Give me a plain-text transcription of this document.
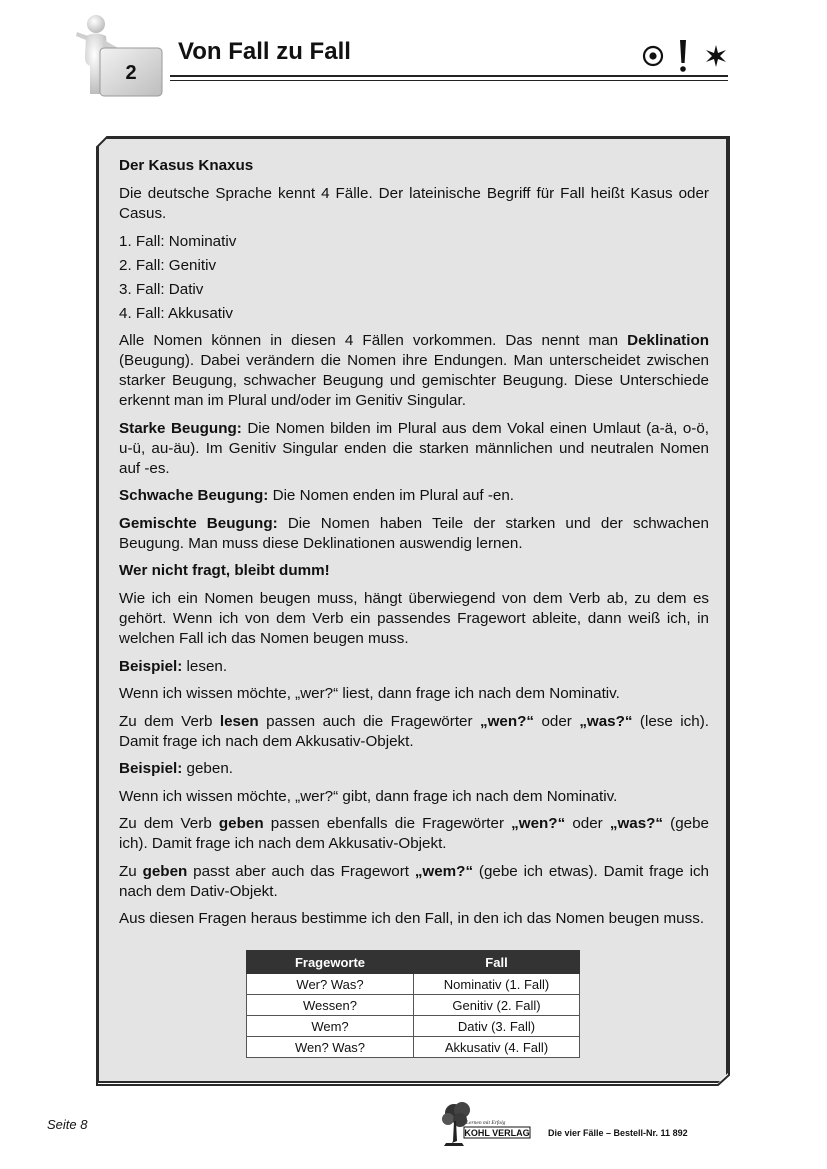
2
Von Fall zu Fall

Der Kasus Knaxus

Die deutsche Sprache kennt 4 Fälle. Der lateinische Begriff für Fall heißt Kasus oder Casus.

1. Fall: Nominativ

2. Fall: Genitiv

3. Fall: Dativ

4. Fall: Akkusativ

Alle Nomen können in diesen 4 Fällen vorkommen. Das nennt man Deklination (Beugung). Dabei verändern die Nomen ihre Endungen. Man unterscheidet zwischen starker Beugung, schwacher Beugung und gemischter Beugung. Diese Unterschiede erkennt man im Plural und/oder im Genitiv Singular.

Starke Beugung: Die Nomen bilden im Plural aus dem Vokal einen Umlaut (a-ä, o-ö, u-ü, au-äu). Im Genitiv Singular enden die starken männlichen und neutralen Nomen auf -es.

Schwache Beugung: Die Nomen enden im Plural auf -en.

Gemischte Beugung: Die Nomen haben Teile der starken und der schwachen Beugung. Man muss diese Deklinationen auswendig lernen.

Wer nicht fragt, bleibt dumm!

Wie ich ein Nomen beugen muss, hängt überwiegend von dem Verb ab, zu dem es gehört. Wenn ich von dem Verb ein passendes Fragewort ableite, dann weiß ich, in welchen Fall ich das Nomen beugen muss.

Beispiel: lesen.

Wenn ich wissen möchte, „wer?“ liest, dann frage ich nach dem Nominativ.

Zu dem Verb lesen passen auch die Fragewörter „wen?“ oder „was?“ (lese ich). Damit frage ich nach dem Akkusativ-Objekt.

Beispiel: geben.

Wenn ich wissen möchte, „wer?“ gibt, dann frage ich nach dem Nominativ.

Zu dem Verb geben passen ebenfalls die Fragewörter „wen?“ oder „was?“ (gebe ich). Damit frage ich nach dem Akkusativ-Objekt.

Zu geben passt aber auch das Fragewort „wem?“ (gebe ich etwas). Damit frage ich nach dem Dativ-Objekt.

Aus diesen Fragen heraus bestimme ich den Fall, in den ich das Nomen beugen muss.

Frageworte	Fall
Wer? Was?	Nominativ (1. Fall)
Wessen?	Genitiv (2. Fall)
Wem?	Dativ (3. Fall)
Wen? Was?	Akkusativ (4. Fall)
Seite 8	Lernen mit Erfolg
KOHL VERLAG Die vier Fälle – Bestell-Nr. 11 892
